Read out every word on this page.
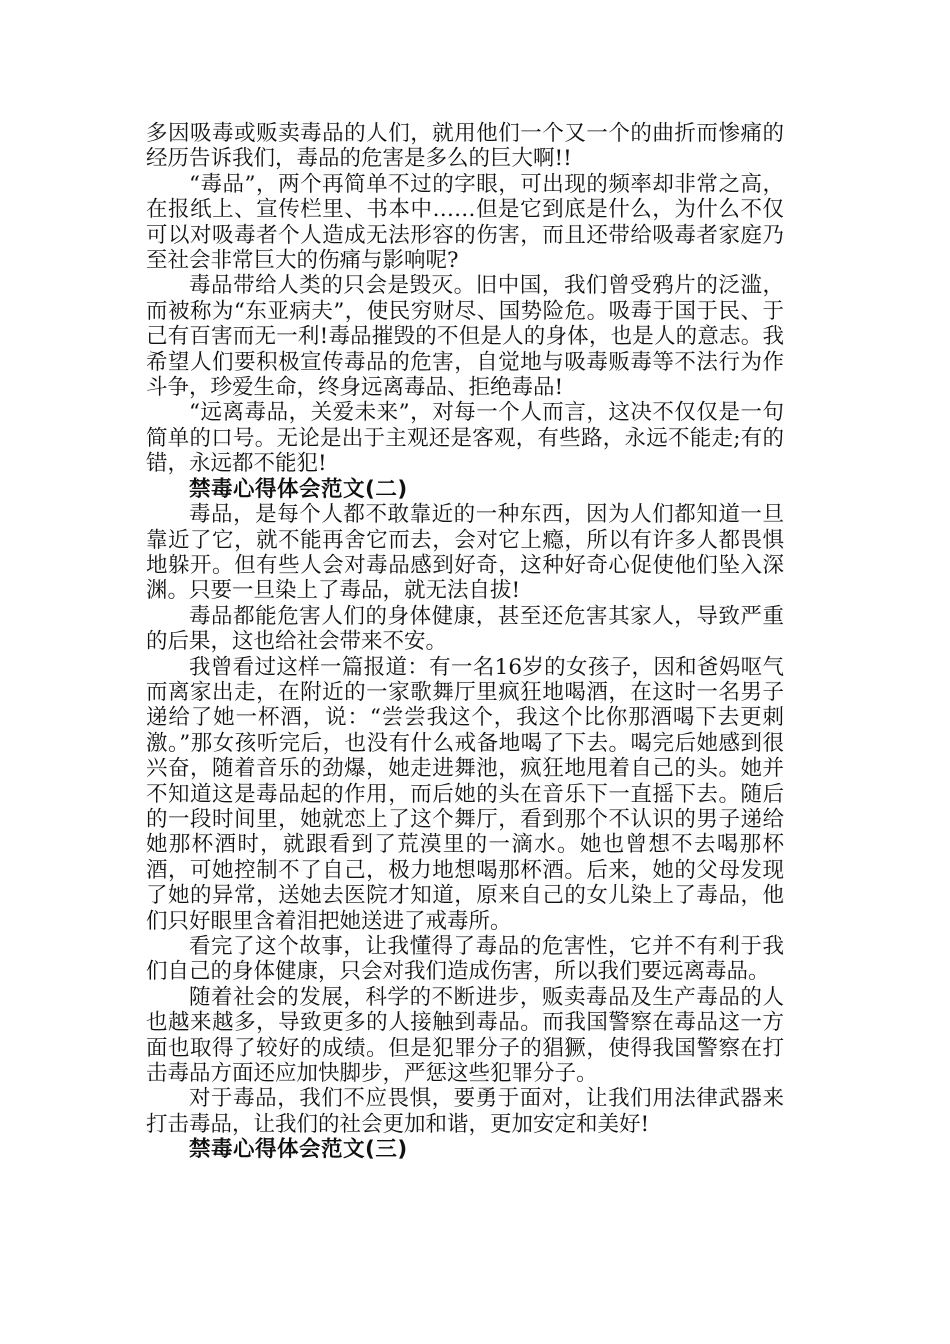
多因吸毒或贩卖毒品的人们，就用他们一个又一个的曲折而惨痛的经历告诉我们，毒品的危害是多么的巨大啊!!

“毒品”，两个再简单不过的字眼，可出现的频率却非常之高，在报纸上、宣传栏里、书本中……但是它到底是什么，为什么不仅可以对吸毒者个人造成无法形容的伤害，而且还带给吸毒者家庭乃至社会非常巨大的伤痛与影响呢?

毒品带给人类的只会是毁灭。旧中国，我们曾受鸦片的泛滥，而被称为“东亚病夫”，使民穷财尽、国势险危。吸毒于国于民、于己有百害而无一利!毒品摧毁的不但是人的身体，也是人的意志。我希望人们要积极宣传毒品的危害，自觉地与吸毒贩毒等不法行为作斗争，珍爱生命，终身远离毒品、拒绝毒品!

“远离毒品，关爱未来”，对每一个人而言，这决不仅仅是一句简单的口号。无论是出于主观还是客观，有些路，永远不能走;有的错，永远都不能犯!

禁毒心得体会范文(二)

毒品，是每个人都不敢靠近的一种东西，因为人们都知道一旦靠近了它，就不能再舍它而去，会对它上瘾，所以有许多人都畏惧地躲开。但有些人会对毒品感到好奇，这种好奇心促使他们坠入深渊。只要一旦染上了毒品，就无法自拔!

毒品都能危害人们的身体健康，甚至还危害其家人，导致严重的后果，这也给社会带来不安。

我曾看过这样一篇报道：有一名16岁的女孩子，因和爸妈呕气而离家出走，在附近的一家歌舞厅里疯狂地喝酒，在这时一名男子递给了她一杯酒，说：“尝尝我这个，我这个比你那酒喝下去更刺激。”那女孩听完后，也没有什么戒备地喝了下去。喝完后她感到很兴奋，随着音乐的劲爆，她走进舞池，疯狂地甩着自己的头。她并不知道这是毒品起的作用，而后她的头在音乐下一直摇下去。随后的一段时间里，她就恋上了这个舞厅，看到那个不认识的男子递给她那杯酒时，就跟看到了荒漠里的一滴水。她也曾想不去喝那杯酒，可她控制不了自己，极力地想喝那杯酒。后来，她的父母发现了她的异常，送她去医院才知道，原来自己的女儿染上了毒品，他们只好眼里含着泪把她送进了戒毒所。

看完了这个故事，让我懂得了毒品的危害性，它并不有利于我们自己的身体健康，只会对我们造成伤害，所以我们要远离毒品。

随着社会的发展，科学的不断进步，贩卖毒品及生产毒品的人也越来越多，导致更多的人接触到毒品。而我国警察在毒品这一方面也取得了较好的成绩。但是犯罪分子的猖獗，使得我国警察在打击毒品方面还应加快脚步，严惩这些犯罪分子。

对于毒品，我们不应畏惧，要勇于面对，让我们用法律武器来打击毒品，让我们的社会更加和谐，更加安定和美好!

禁毒心得体会范文(三)
